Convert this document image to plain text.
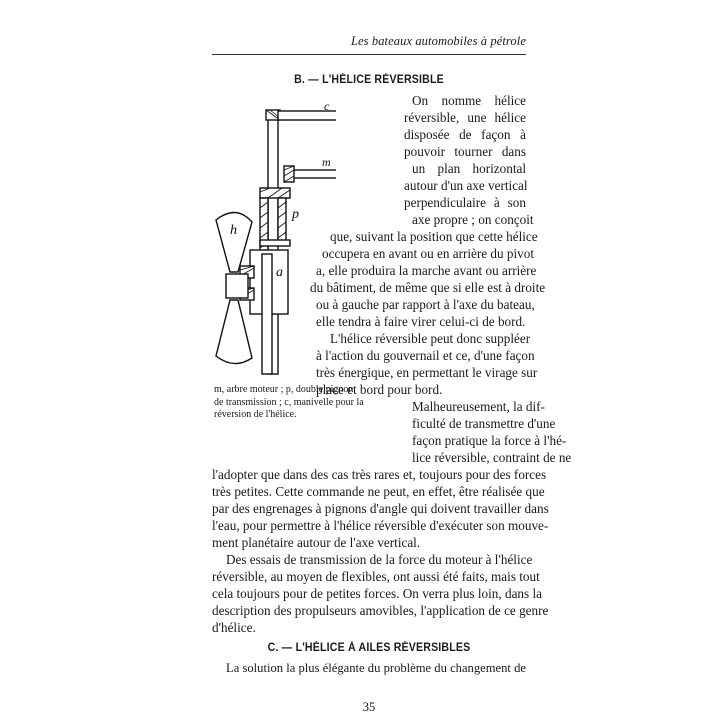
Les bateaux automobiles à pétrole
B. — L'HÉLICE RÉVERSIBLE
c
m
p
h
a
On nomme hélice
réversible, une hélice
disposée de façon à
pouvoir tourner dans
un plan horizontal
autour d'un axe vertical
perpendiculaire à son
axe propre ; on conçoit
que, suivant la position que cette hélice
occupera en avant ou en arrière du pivot
a, elle produira la marche avant ou arrière
du bâtiment, de même que si elle est à droite
ou à gauche par rapport à l'axe du bateau,
elle tendra à faire virer celui-ci de bord.
L'hélice réversible peut donc suppléer
à l'action du gouvernail et ce, d'une façon
très énergique, en permettant le virage sur
place et bord pour bord.
Malheureusement, la dif-
ficulté de transmettre d'une
façon pratique la force à l'hé-
lice réversible, contraint de ne
l'adopter que dans des cas très rares et, toujours pour des forces
très petites. Cette commande ne peut, en effet, être réalisée que
par des engrenages à pignons d'angle qui doivent travailler dans
l'eau, pour permettre à l'hélice réversible d'exécuter son mouve-
ment planétaire autour de l'axe vertical.
Des essais de transmission de la force du moteur à l'hélice
réversible, au moyen de flexibles, ont aussi été faits, mais tout
cela toujours pour de petites forces. On verra plus loin, dans la
description des propulseurs amovibles, l'application de ce genre
d'hélice.
m, arbre moteur ; p, double pignon
de transmission ; c, manivelle pour la
réversion de l'hélice.
C. — L'HÉLICE À AILES RÉVERSIBLES
La solution la plus élégante du problème du changement de
35
